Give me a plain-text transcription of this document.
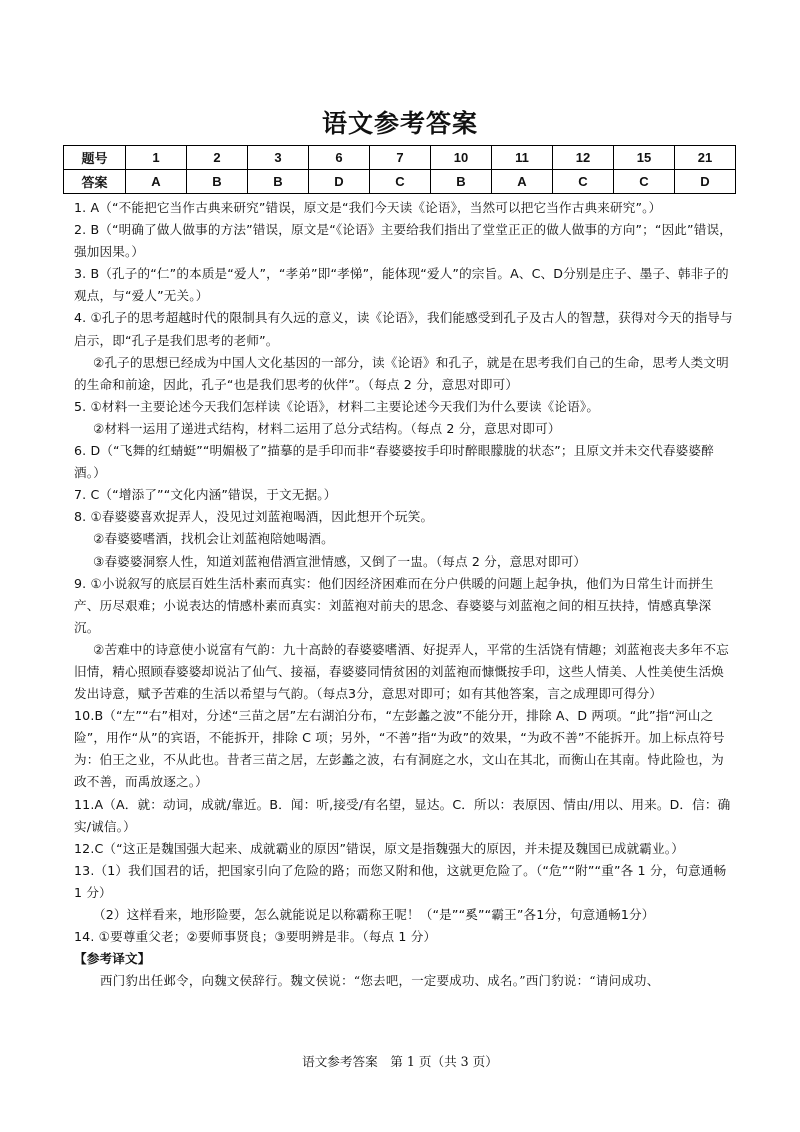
语文参考答案
题号	1	2	3	6	7	10	11	12	15	21
答案	A	B	B	D	C	B	A	C	C	D

1. A（“不能把它当作古典来研究”错误，原文是“我们今天读《论语》，当然可以把它当作古典来研究”。）

2. B（“明确了做人做事的方法”错误，原文是“《论语》主要给我们指出了堂堂正正的做人做事的方向”；“因此”错误，强加因果。）

3. B（孔子的“仁”的本质是“爱人”，“孝弟”即“孝悌”，能体现“爱人”的宗旨。A、C、D分别是庄子、墨子、韩非子的观点，与“爱人”无关。）

4. ①孔子的思考超越时代的限制具有久远的意义，读《论语》，我们能感受到孔子及古人的智慧，获得对今天的指导与启示，即“孔子是我们思考的老师”。

②孔子的思想已经成为中国人文化基因的一部分，读《论语》和孔子，就是在思考我们自己的生命，思考人类文明的生命和前途，因此，孔子“也是我们思考的伙伴”。（每点 2 分，意思对即可）

5. ①材料一主要论述今天我们怎样读《论语》，材料二主要论述今天我们为什么要读《论语》。

②材料一运用了递进式结构，材料二运用了总分式结构。（每点 2 分，意思对即可）

6. D（“飞舞的红蜻蜓”“明媚极了”描摹的是手印而非“春婆婆按手印时醉眼朦胧的状态”；且原文并未交代春婆婆醉酒。）

7. C（“增添了”“文化内涵”错误，于文无据。）

8. ①春婆婆喜欢捉弄人，没见过刘蓝袍喝酒，因此想开个玩笑。

②春婆婆嗜酒，找机会让刘蓝袍陪她喝酒。

③春婆婆洞察人性，知道刘蓝袍借酒宣泄情感，又倒了一盅。（每点 2 分，意思对即可）

9. ①小说叙写的底层百姓生活朴素而真实：他们因经济困难而在分户供暖的问题上起争执，他们为日常生计而拼生产、历尽艰难；小说表达的情感朴素而真实：刘蓝袍对前夫的思念、春婆婆与刘蓝袍之间的相互扶持，情感真挚深沉。

②苦难中的诗意使小说富有气韵：九十高龄的春婆婆嗜酒、好捉弄人，平常的生活饶有情趣；刘蓝袍丧夫多年不忘旧情，精心照顾春婆婆却说沾了仙气、接福，春婆婆同情贫困的刘蓝袍而慷慨按手印，这些人情美、人性美使生活焕发出诗意，赋予苦难的生活以希望与气韵。（每点3分，意思对即可；如有其他答案，言之成理即可得分）

10.B（“左”“右”相对，分述“三苗之居”左右湖泊分布，“左彭蠡之波”不能分开，排除 A、D 两项。“此”指“河山之险”，用作“从”的宾语，不能拆开，排除 C 项；另外，“不善”指“为政”的效果，“为政不善”不能拆开。加上标点符号为：伯王之业，不从此也。昔者三苗之居，左彭蠡之波，右有洞庭之水，文山在其北，而衡山在其南。恃此险也，为政不善，而禹放逐之。）

11.A（A．就：动词，成就/靠近。B．闻：听,接受/有名望，显达。C．所以：表原因、情由/用以、用来。D．信：确实/诚信。）

12.C（“这正是魏国强大起来、成就霸业的原因”错误，原文是指魏强大的原因，并未提及魏国已成就霸业。）

13.（1）我们国君的话，把国家引向了危险的路；而您又附和他，这就更危险了。（“危”“附”“重”各 1 分，句意通畅 1 分）

（2）这样看来，地形险要，怎么就能说足以称霸称王呢！（“是”“奚”“霸王”各1分，句意通畅1分）

14. ①要尊重父老；②要师事贤良；③要明辨是非。（每点 1 分）

【参考译文】

西门豹出任邺令，向魏文侯辞行。魏文侯说：“您去吧，一定要成功、成名。”西门豹说：“请问成功、

语文参考答案　第 1 页（共 3 页）
